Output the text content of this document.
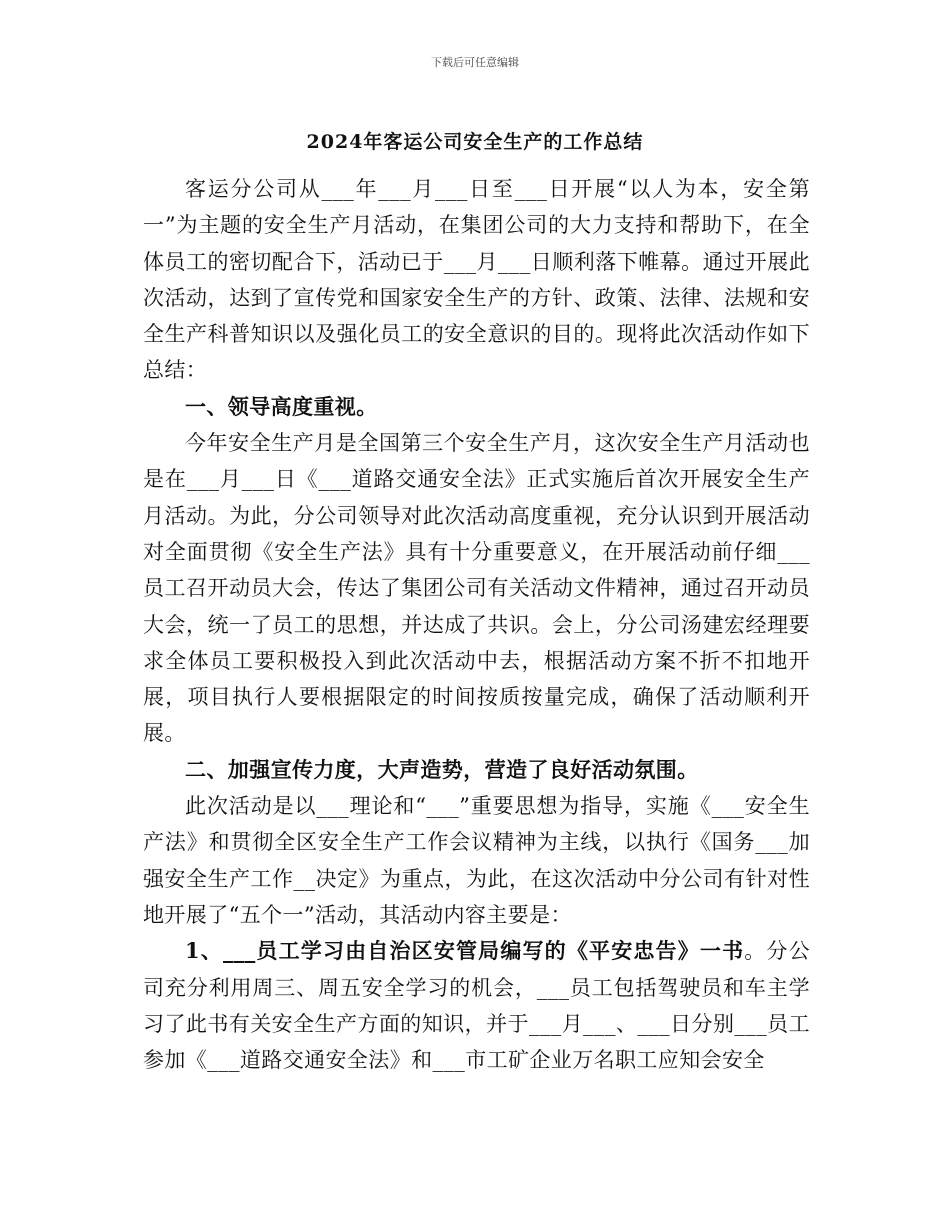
下载后可任意编辑
2024年客运公司安全生产的工作总结

客运分公司从___年___月___日至___日开展“以人为本，安全第一”为主题的安全生产月活动，在集团公司的大力支持和帮助下，在全体员工的密切配合下，活动已于___月___日顺利落下帷幕。通过开展此次活动，达到了宣传党和国家安全生产的方针、政策、法律、法规和安全生产科普知识以及强化员工的安全意识的目的。现将此次活动作如下总结：

一、领导高度重视。

今年安全生产月是全国第三个安全生产月，这次安全生产月活动也是在___月___日《___道路交通安全法》正式实施后首次开展安全生产月活动。为此，分公司领导对此次活动高度重视，充分认识到开展活动对全面贯彻《安全生产法》具有十分重要意义，在开展活动前仔细___员工召开动员大会，传达了集团公司有关活动文件精神，通过召开动员大会，统一了员工的思想，并达成了共识。会上，分公司汤建宏经理要求全体员工要积极投入到此次活动中去，根据活动方案不折不扣地开展，项目执行人要根据限定的时间按质按量完成，确保了活动顺利开展。

二、加强宣传力度，大声造势，营造了良好活动氛围。

此次活动是以___理论和“___”重要思想为指导，实施《___安全生产法》和贯彻全区安全生产工作会议精神为主线，以执行《国务___加强安全生产工作__决定》为重点，为此，在这次活动中分公司有针对性地开展了“五个一”活动，其活动内容主要是：

1、___员工学习由自治区安管局编写的《平安忠告》一书。分公司充分利用周三、周五安全学习的机会，___员工包括驾驶员和车主学习了此书有关安全生产方面的知识，并于___月___、___日分别___员工参加《___道路交通安全法》和___市工矿企业万名职工应知会安全
